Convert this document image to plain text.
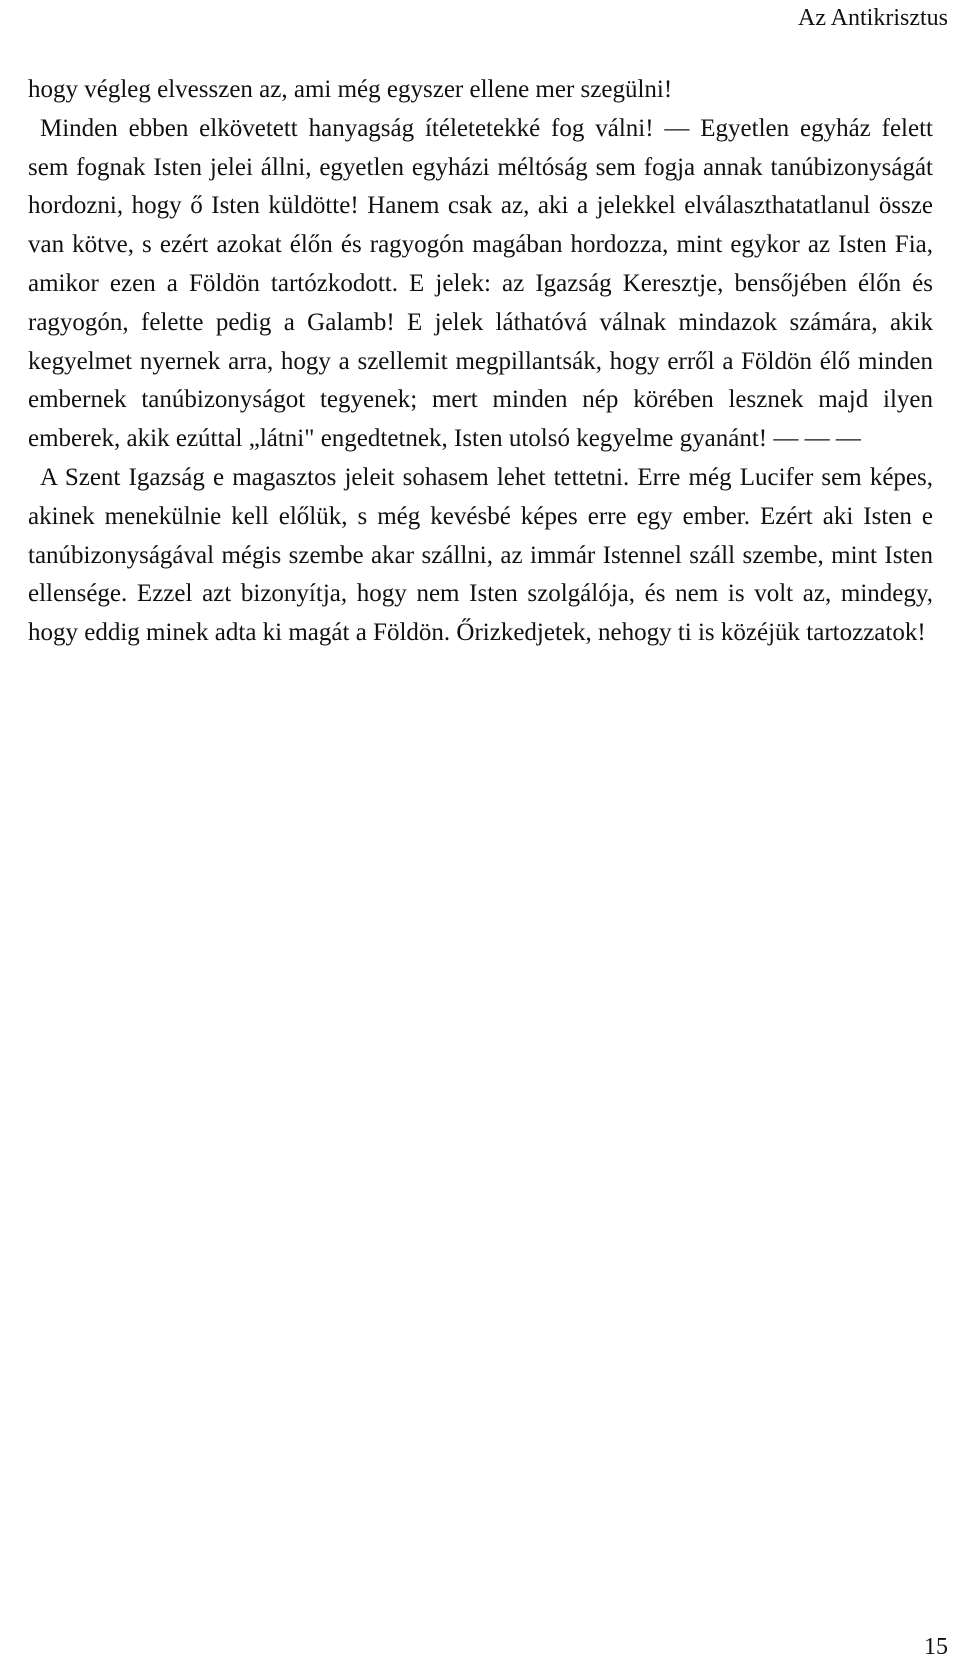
Az Antikrisztus

hogy végleg elvesszen az, ami még egyszer ellene mer szegülni!

Minden ebben elkövetett hanyagság ítéletetekké fog válni! — Egyetlen egyház felett sem fognak Isten jelei állni, egyetlen egyházi méltóság sem fogja annak tanúbizonyságát hordozni, hogy ő Isten küldötte! Hanem csak az, aki a jelekkel elválaszthatatlanul össze van kötve, s ezért azokat élőn és ragyogón magában hordozza, mint egykor az Isten Fia, amikor ezen a Földön tartózkodott. E jelek: az Igazság Keresztje, bensőjében élőn és ragyogón, felette pedig a Galamb! E jelek láthatóvá válnak mindazok számára, akik kegyelmet nyernek arra, hogy a szellemit megpillantsák, hogy erről a Földön élő minden embernek tanúbizonyságot tegyenek; mert minden nép körében lesznek majd ilyen emberek, akik ezúttal „látni" engedtetnek, Isten utolsó kegyelme gyanánt! — — —

A Szent Igazság e magasztos jeleit sohasem lehet tettetni. Erre még Lucifer sem képes, akinek menekülnie kell előlük, s még kevésbé képes erre egy ember. Ezért aki Isten e tanúbizonyságával mégis szembe akar szállni, az immár Istennel száll szembe, mint Isten ellensége. Ezzel azt bizonyítja, hogy nem Isten szolgálója, és nem is volt az, mindegy, hogy eddig minek adta ki magát a Földön. Őrizkedjetek, nehogy ti is közéjük tartozzatok!

15
